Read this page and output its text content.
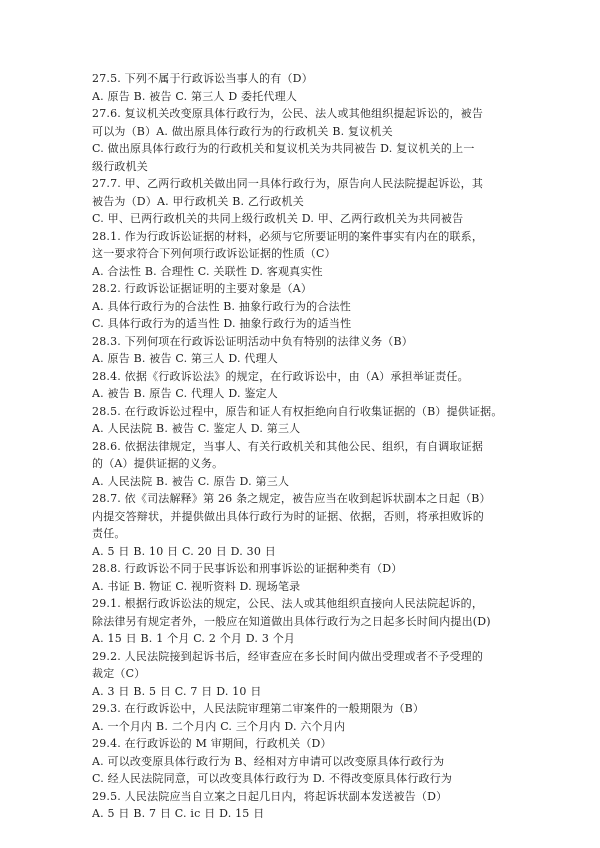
27.5. 下列不属于行政诉讼当事人的有（D）
A. 原告 B. 被告 C. 第三人 D 委托代理人
27.6. 复议机关改变原具体行政行为，公民、法人或其他组织提起诉讼的，被告
可以为（B）A. 做出原具体行政行为的行政机关 B. 复议机关
C. 做出原具体行政行为的行政机关和复议机关为共同被告 D. 复议机关的上一
级行政机关
27.7. 甲、乙两行政机关做出同一具体行政行为，原告向人民法院提起诉讼，其
被告为（D）A. 甲行政机关 B. 乙行政机关
C. 甲、已两行政机关的共同上级行政机关 D. 甲、乙两行政机关为共同被告
28.1. 作为行政诉讼证据的材料，必须与它所要证明的案件事实有内在的联系，
这一要求符合下列何项行政诉讼证据的性质（C）
A. 合法性 B. 合理性 C. 关联性 D. 客观真实性
28.2. 行政诉讼证据证明的主要对象是（A）
A. 具体行政行为的合法性 B. 抽象行政行为的合法性
C. 具体行政行为的适当性 D. 抽象行政行为的适当性
28.3. 下列何项在行政诉讼证明活动中负有特别的法律义务（B）
A. 原告 B. 被告 C. 第三人 D. 代理人
28.4. 依据《行政诉讼法》的规定，在行政诉讼中，由（A）承担举证责任。
A. 被告 B. 原告 C. 代理人 D. 鉴定人
28.5. 在行政诉讼过程中，原告和证人有权拒绝向自行收集证据的（B）提供证据。
A. 人民法院 B. 被告 C. 鉴定人 D. 第三人
28.6. 依据法律规定，当事人、有关行政机关和其他公民、组织，有自调取证据
的（A）提供证据的义务。
A. 人民法院 B. 被告 C. 原告 D. 第三人
28.7. 依《司法解释》第 26 条之规定，被告应当在收到起诉状副本之日起（B）
内提交答辩状，并提供做出具体行政行为时的证据、依据，否则，将承担败诉的
责任。
A. 5 日 B. 10 日 C. 20 日 D. 30 日
28.8. 行政诉讼不同于民事诉讼和刑事诉讼的证据种类有（D）
A. 书证 B. 物证 C. 视听资料 D. 现场笔录
29.1. 根据行政诉讼法的规定，公民、法人或其他组织直接向人民法院起诉的，
除法律另有规定者外，一般应在知道做出具体行政行为之日起多长时间内提出(D)
A. 15 日 B. 1 个月 C. 2 个月 D. 3 个月
29.2. 人民法院接到起诉书后，经审查应在多长时间内做出受理或者不予受理的
裁定（C）
A. 3 日 B. 5 日 C. 7 日 D. 10 日
29.3. 在行政诉讼中，人民法院审理第二审案件的一般期限为（B）
A. 一个月内 B. 二个月内 C. 三个月内 D. 六个月内
29.4. 在行政诉讼的 M 审期间，行政机关（D）
A. 可以改变原具体行政行为 B、经相对方申请可以改变原具体行政行为
C. 经人民法院同意，可以改变具体行政行为 D. 不得改变原具体行政行为
29.5. 人民法院应当自立案之日起几日内，将起诉状副本发送被告（D）
A. 5 日 B. 7 日 C. ic 日 D. 15 日
